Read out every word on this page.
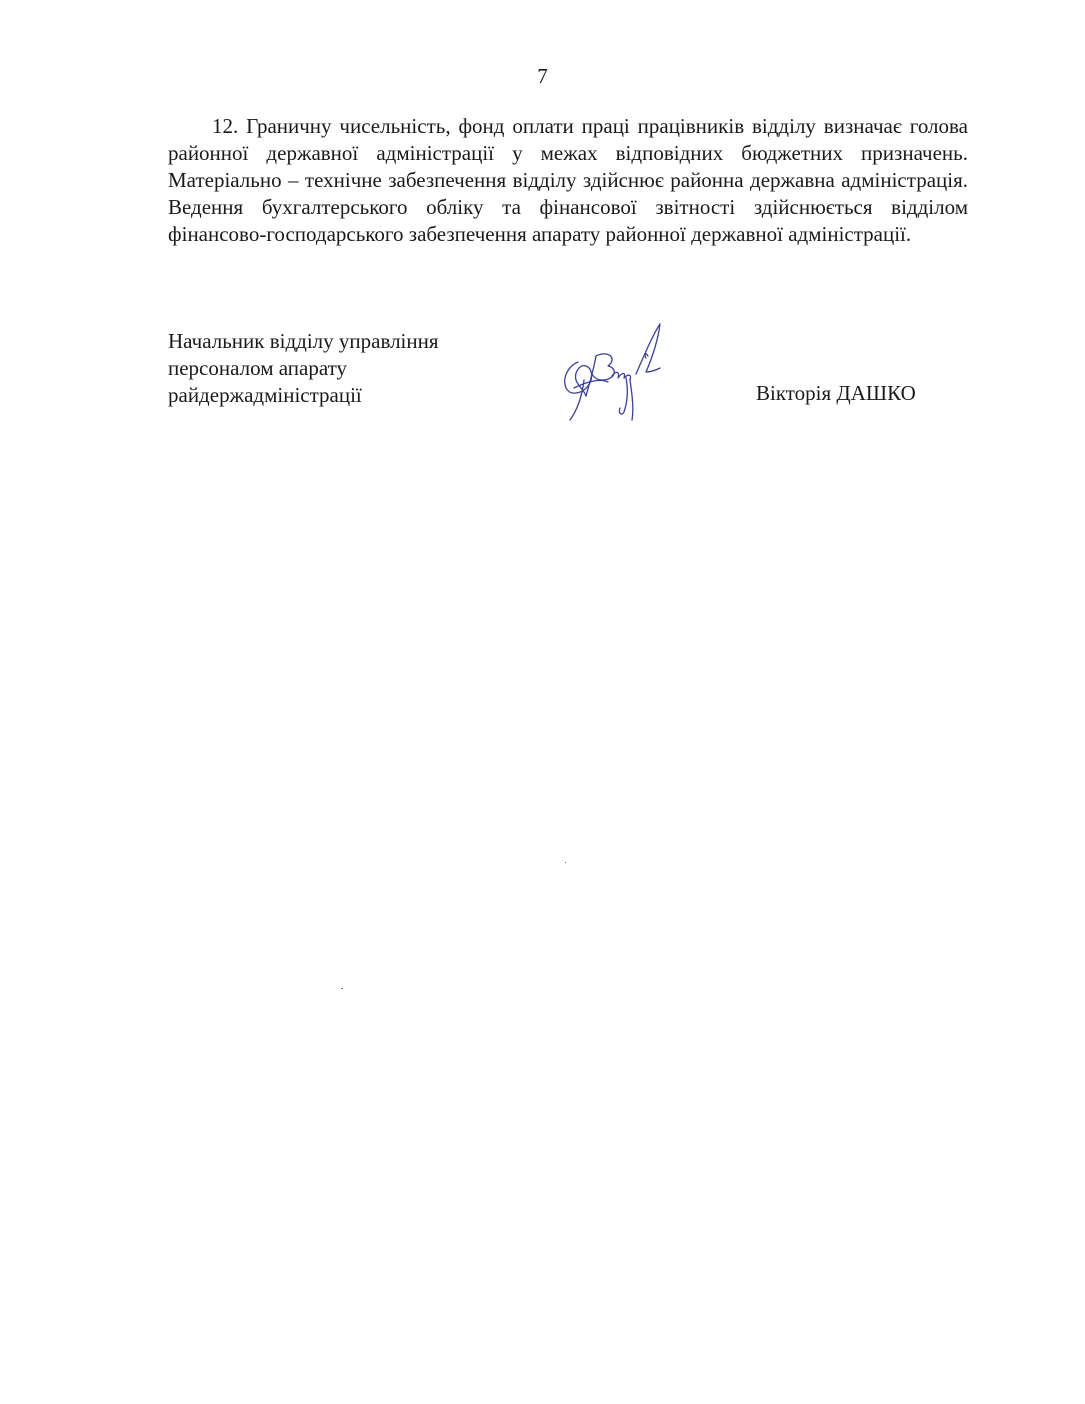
7

12. Граничну чисельність, фонд оплати праці працівників відділу визначає голова районної державної адміністрації у межах відповідних бюджетних призначень. Матеріально – технічне забезпечення відділу здійснює районна державна адміністрація. Ведення бухгалтерського обліку та фінансової звітності здійснюється відділом фінансово-господарського забезпечення апарату районної державної адміністрації.

Начальник відділу управління
персоналом апарату
райдержадміністрації	Вікторія ДАШКО
